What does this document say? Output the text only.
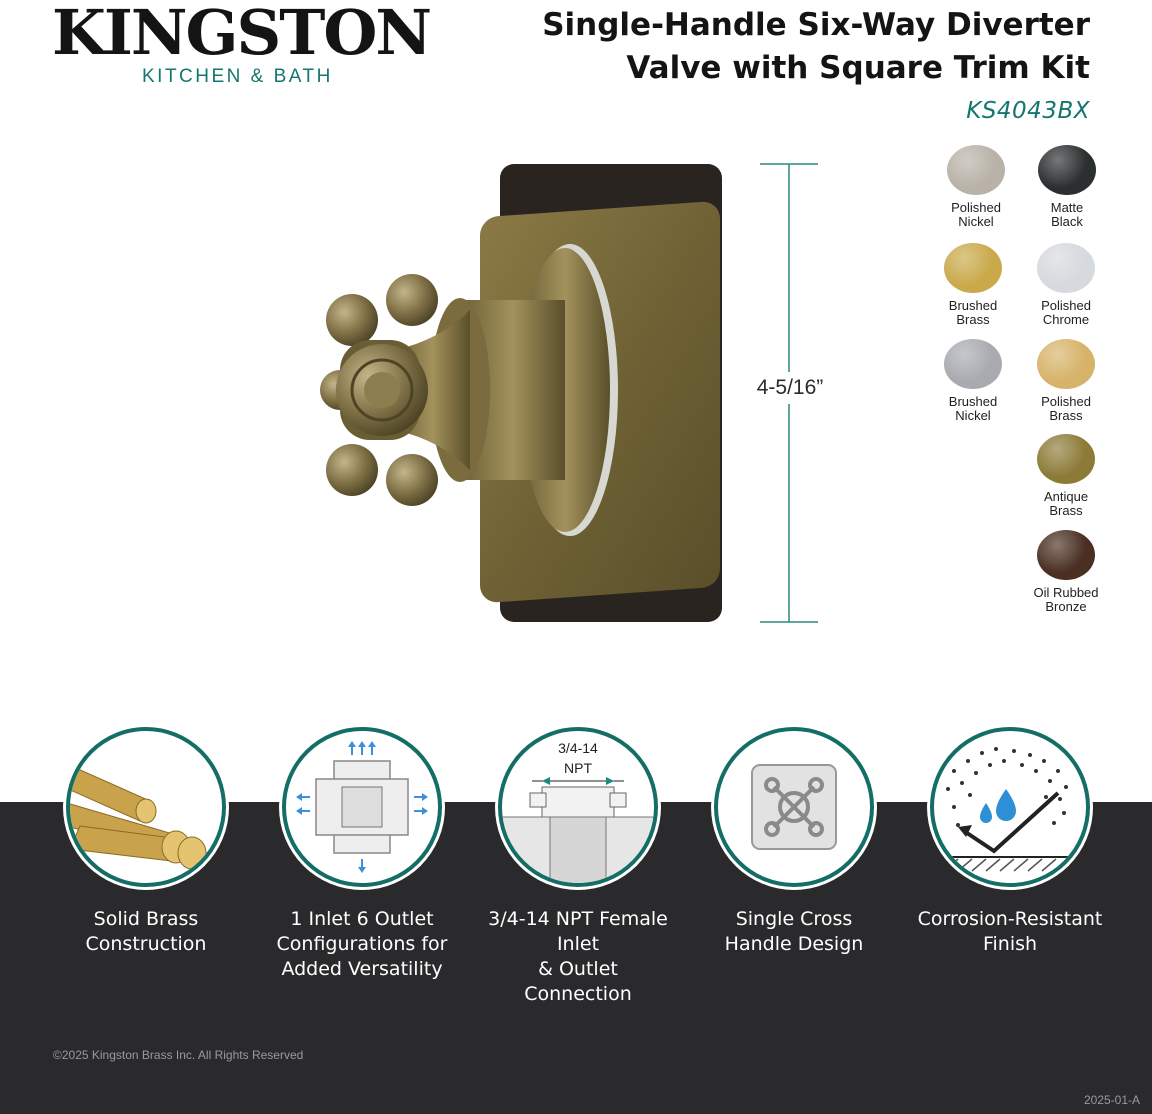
KINGSTON
KITCHEN & BATH
Single-Handle Six-Way Diverter
Valve with Square Trim Kit
KS4043BX
4-5/16”
Polished
Nickel
Matte
Black
Brushed
Brass
Polished
Chrome
Brushed
Nickel
Polished
Brass
Antique
Brass
Oil Rubbed
Bronze
Solid Brass
Construction
1 Inlet 6 Outlet
Configurations for
Added Versatility
3/4-14
NPT
3/4-14 NPT Female Inlet
& Outlet Connection
Single Cross
Handle Design
Corrosion-Resistant
Finish
©2025 Kingston Brass Inc. All Rights Reserved
2025-01-A
